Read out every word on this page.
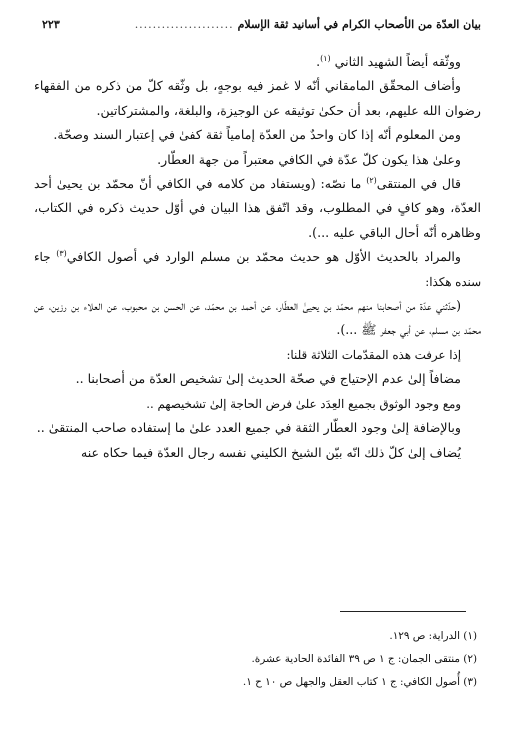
بيان العدّة من الأصحاب الكرام في أسانيد ثقة الإسلام
......................
٢٢٣

ووثّقه أيضاً الشهيد الثاني $^{(١)}$.

وأضاف المحقّق المامقاني أنّه لا غمز فيه بوجهٍ، بل وثّقه كلّ من ذكره من الفقهاء رضوان الله عليهم، بعد أن حكىٰ توثيقه عن الوجيزة، والبلغة، والمشتركاتين.

ومن المعلوم أنّه إذا كان واحدٌ من العدّة إمامياً ثقة كفىٰ في إعتبار السند وصحّة.

وعلىٰ هذا يكون كلّ عدّة في الكافي معتبراً من جهة العطّار.

قال في المنتقى$^{(٢)}$ ما نصّه: (ويستفاد من كلامه في الكافي أنّ محمّد بن يحيىٰ أحد العدّة، وهو كافٍ في المطلوب، وقد اتّفق هذا البيان في أوّل حديث ذكره في الكتاب، وظاهره أنّه أحال الباقي عليه ...).

والمراد بالحديث الأوّل هو حديث محمّد بن مسلم الوارد في أصول الكافي$^{(٣)}$ جاء سنده هكذا:

(حدّثني عدّة من أصحابنا منهم محمّد بن يحيىٰ العطّار، عن أحمد بن محمّد، عن الحسن بن محبوب، عن العلاء بن رزين، عن محمّد بن مسلم، عن أبي جعفر ﷺ ...).

إذا عرفت هذه المقدّمات الثلاثة قلنا:

مضافاً إلىٰ عدم الإحتياج في صحّة الحديث إلىٰ تشخيص العدّة من أصحابنا ..

ومع وجود الوثوق بجميع العِدَد علىٰ فرض الحاجة إلىٰ تشخيصهم ..

وبالإضافة إلىٰ وجود العطّار الثقة في جميع العدد علىٰ ما إستفاده صاحب المنتقىٰ ..

يُضاف إلىٰ كلّ ذلك انّه بيّن الشيخ الكليني نفسه رجال العدّة فيما حكاه عنه

(١) الدراية: ص ١٢٩.

(٢) منتقى الجمان: ج ١ ص ٣٩ الفائدة الحادية عشرة.

(٣) أُصول الكافي: ج ١ كتاب العقل والجهل ص ١٠ ح ١.
